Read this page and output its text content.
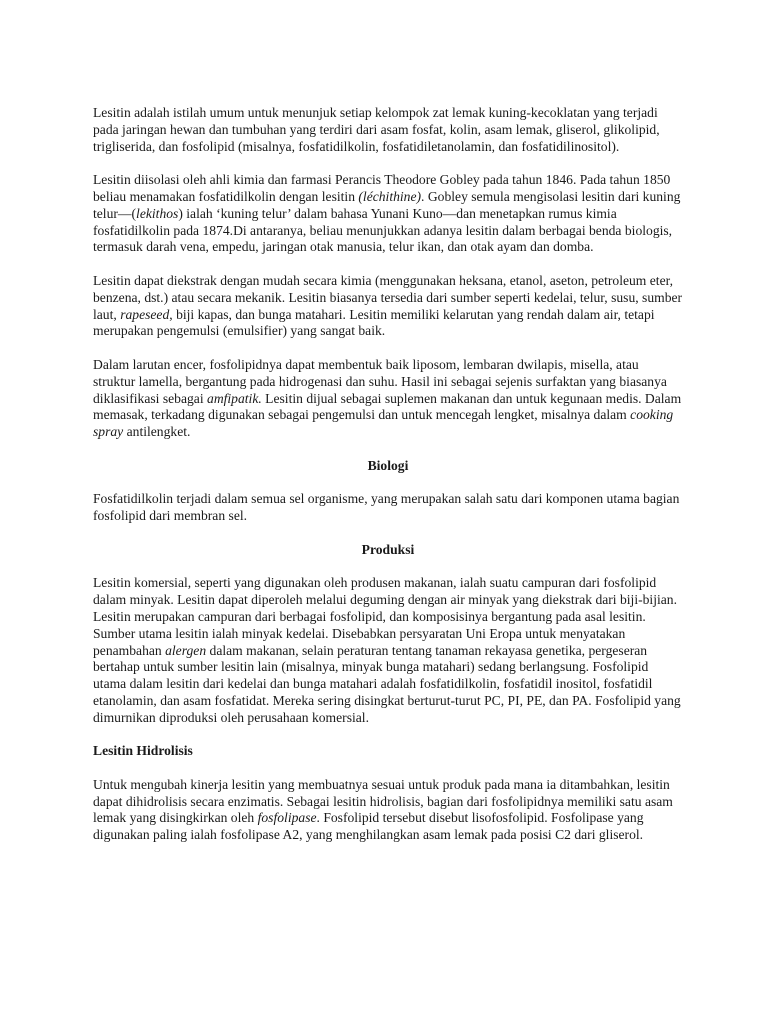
Lesitin adalah istilah umum untuk menunjuk setiap kelompok zat lemak kuning-kecoklatan yang terjadi pada jaringan hewan dan tumbuhan yang terdiri dari asam fosfat, kolin, asam lemak, gliserol, glikolipid, trigliserida, dan fosfolipid (misalnya, fosfatidilkolin, fosfatidiletanolamin, dan fosfatidilinositol).

Lesitin diisolasi oleh ahli kimia dan farmasi Perancis Theodore Gobley pada tahun 1846. Pada tahun 1850 beliau menamakan fosfatidilkolin dengan lesitin (léchithine). Gobley semula mengisolasi lesitin dari kuning telur—(lekithos) ialah ‘kuning telur’ dalam bahasa Yunani Kuno—dan menetapkan rumus kimia fosfatidilkolin pada 1874.Di antaranya, beliau menunjukkan adanya lesitin dalam berbagai benda biologis, termasuk darah vena, empedu, jaringan otak manusia, telur ikan, dan otak ayam dan domba.

Lesitin dapat diekstrak dengan mudah secara kimia (menggunakan heksana, etanol, aseton, petroleum eter, benzena, dst.) atau secara mekanik. Lesitin biasanya tersedia dari sumber seperti kedelai, telur, susu, sumber laut, rapeseed, biji kapas, dan bunga matahari. Lesitin memiliki kelarutan yang rendah dalam air, tetapi merupakan pengemulsi (emulsifier) yang sangat baik.

Dalam larutan encer, fosfolipidnya dapat membentuk baik liposom, lembaran dwilapis, misella, atau struktur lamella, bergantung pada hidrogenasi dan suhu. Hasil ini sebagai sejenis surfaktan yang biasanya diklasifikasi sebagai amfipatik. Lesitin dijual sebagai suplemen makanan dan untuk kegunaan medis. Dalam memasak, terkadang digunakan sebagai pengemulsi dan untuk mencegah lengket, misalnya dalam cooking spray antilengket.

Biologi

Fosfatidilkolin terjadi dalam semua sel organisme, yang merupakan salah satu dari komponen utama bagian fosfolipid dari membran sel.

Produksi

Lesitin komersial, seperti yang digunakan oleh produsen makanan, ialah suatu campuran dari fosfolipid dalam minyak. Lesitin dapat diperoleh melalui deguming dengan air minyak yang diekstrak dari biji-bijian. Lesitin merupakan campuran dari berbagai fosfolipid, dan komposisinya bergantung pada asal lesitin. Sumber utama lesitin ialah minyak kedelai. Disebabkan persyaratan Uni Eropa untuk menyatakan penambahan alergen dalam makanan, selain peraturan tentang tanaman rekayasa genetika, pergeseran bertahap untuk sumber lesitin lain (misalnya, minyak bunga matahari) sedang berlangsung. Fosfolipid utama dalam lesitin dari kedelai dan bunga matahari adalah fosfatidilkolin, fosfatidil inositol, fosfatidil etanolamin, dan asam fosfatidat. Mereka sering disingkat berturut-turut PC, PI, PE, dan PA. Fosfolipid yang dimurnikan diproduksi oleh perusahaan komersial.

Lesitin Hidrolisis

Untuk mengubah kinerja lesitin yang membuatnya sesuai untuk produk pada mana ia ditambahkan, lesitin dapat dihidrolisis secara enzimatis. Sebagai lesitin hidrolisis, bagian dari fosfolipidnya memiliki satu asam lemak yang disingkirkan oleh fosfolipase. Fosfolipid tersebut disebut lisofosfolipid. Fosfolipase yang digunakan paling ialah fosfolipase A2, yang menghilangkan asam lemak pada posisi C2 dari gliserol.
